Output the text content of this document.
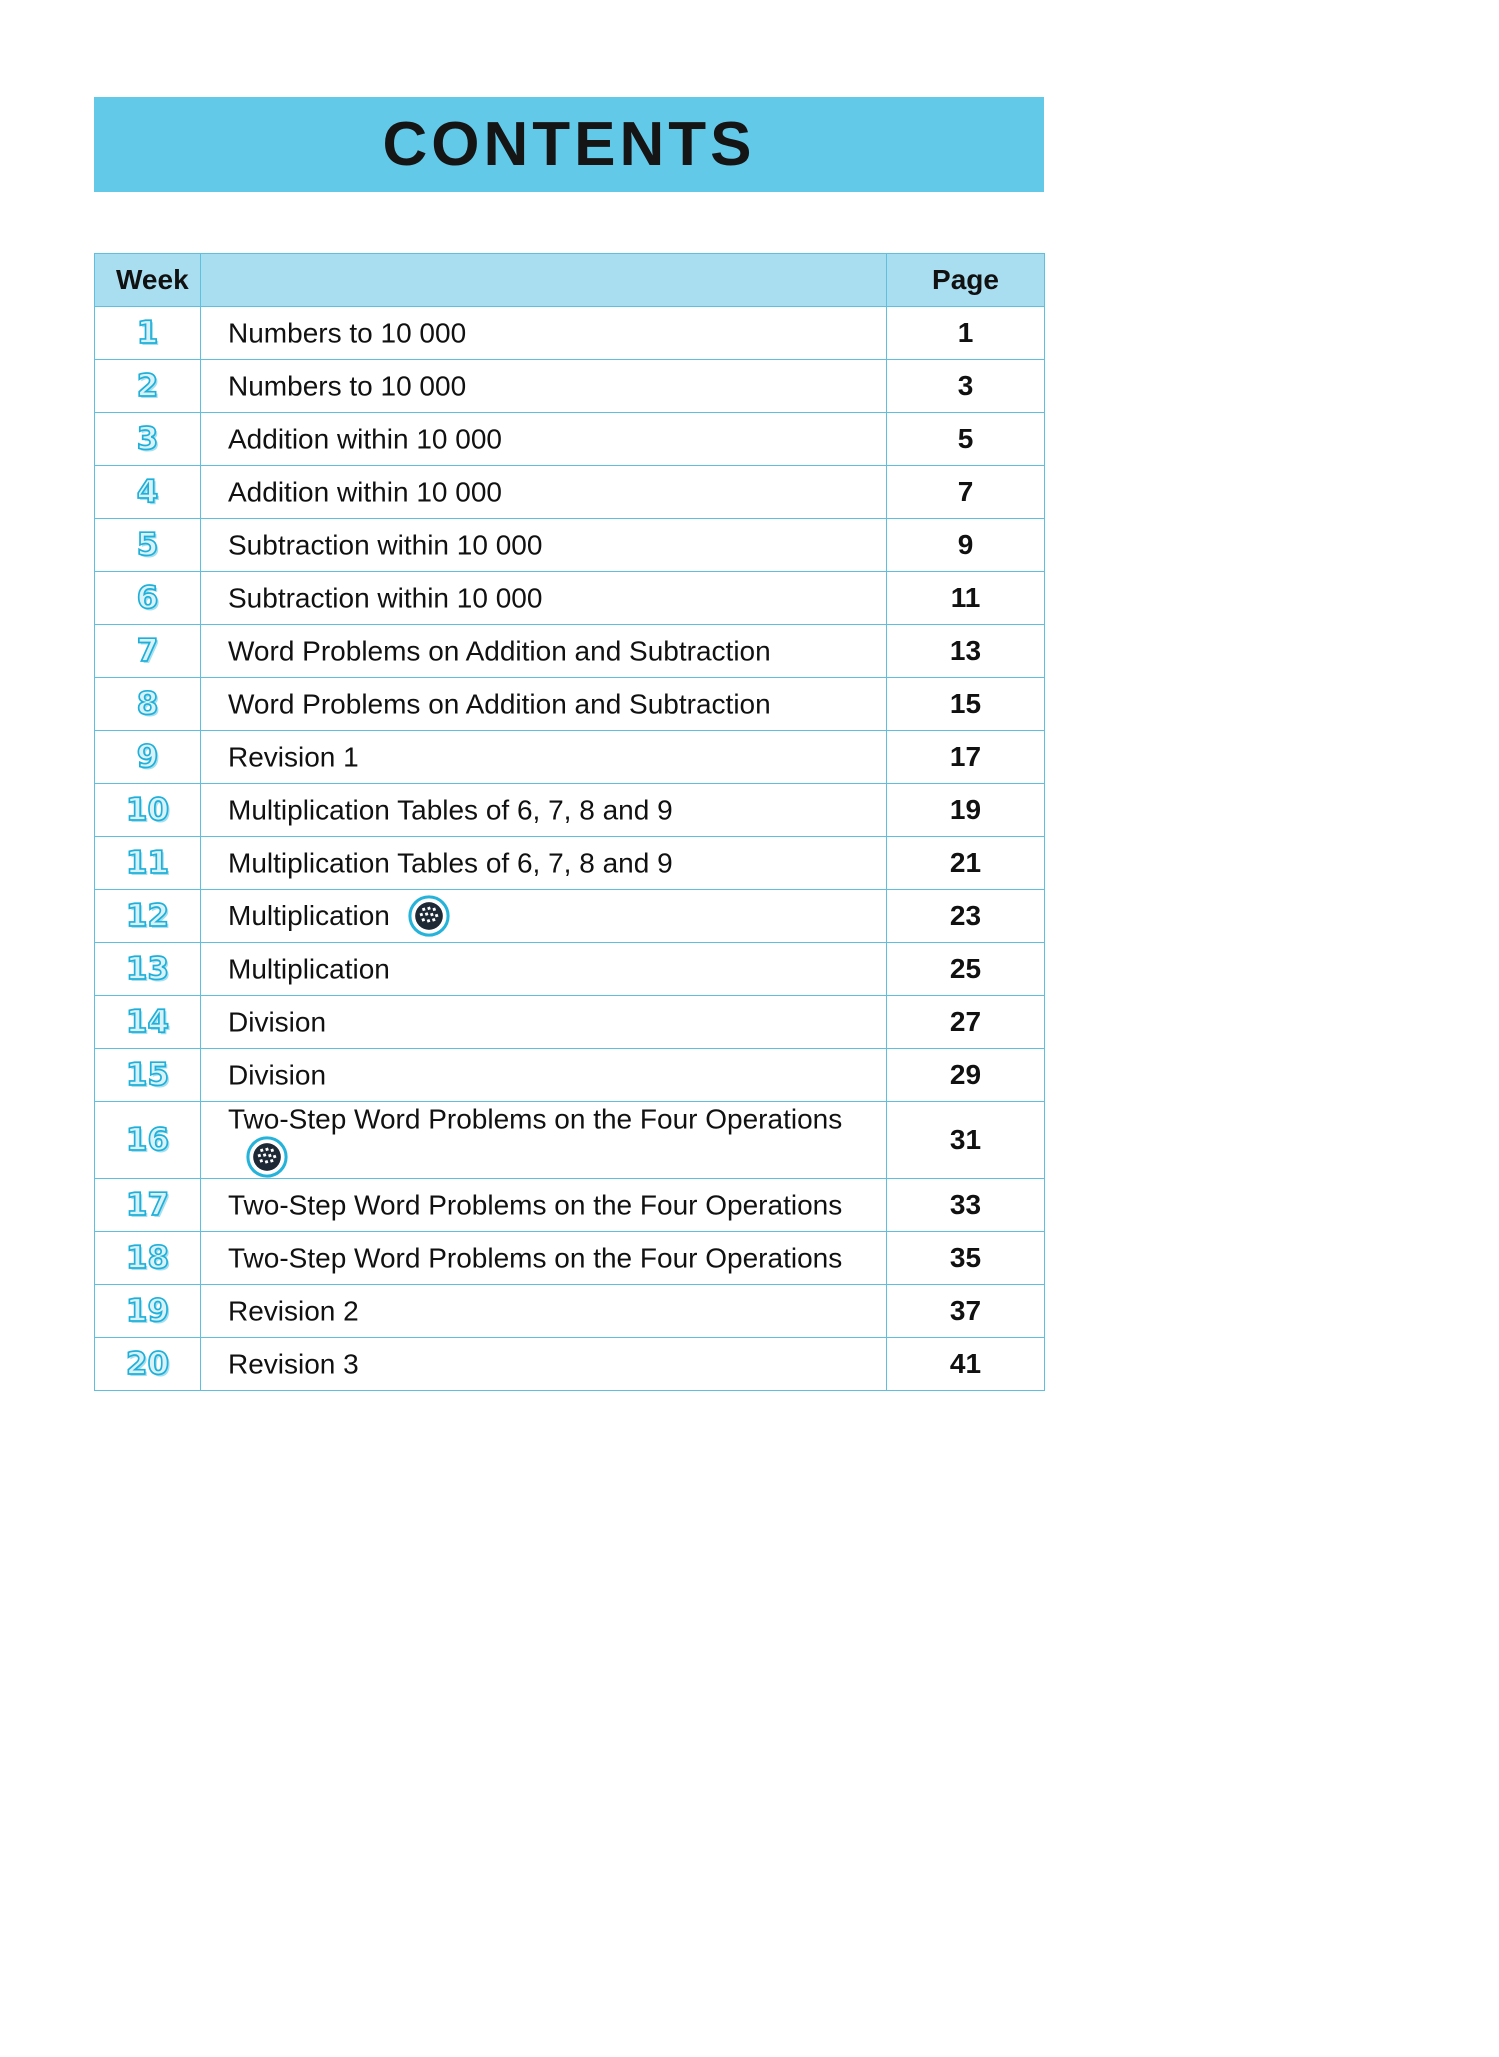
CONTENTS
Week		Page
1	Numbers to 10 000	1
2	Numbers to 10 000	3
3	Addition within 10 000	5
4	Addition within 10 000	7
5	Subtraction within 10 000	9
6	Subtraction within 10 000	11
7	Word Problems on Addition and Subtraction	13
8	Word Problems on Addition and Subtraction	15
9	Revision 1	17
10	Multiplication Tables of 6, 7, 8 and 9	19
11	Multiplication Tables of 6, 7, 8 and 9	21
12	Multiplication	23
13	Multiplication	25
14	Division	27
15	Division	29
16	Two-Step Word Problems on the Four Operations	31
17	Two-Step Word Problems on the Four Operations	33
18	Two-Step Word Problems on the Four Operations	35
19	Revision 2	37
20	Revision 3	41
